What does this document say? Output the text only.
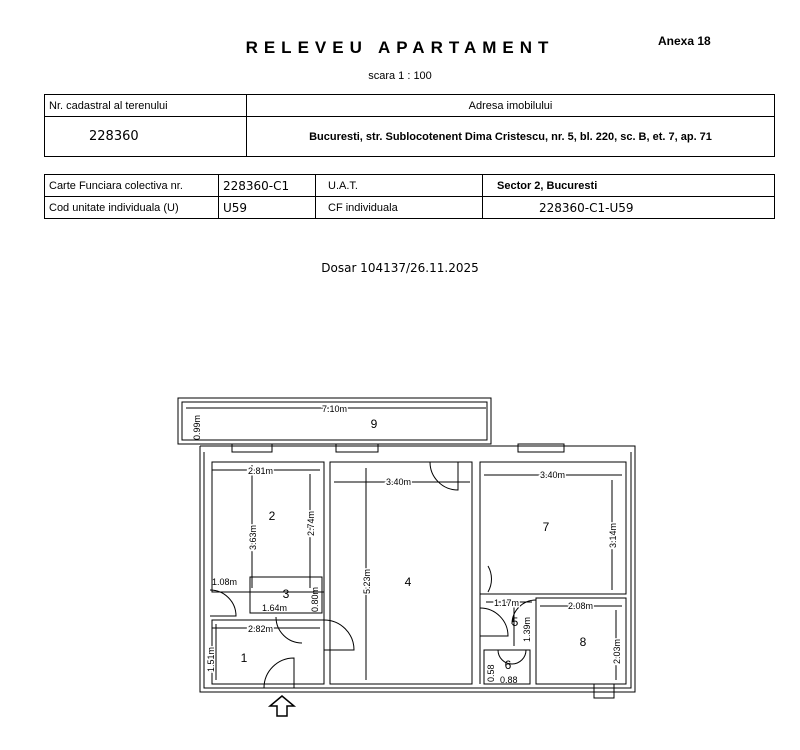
RELEVEU APARTAMENT	Anexa 18
scara 1 : 100
Nr. cadastral al terenului	Adresa imobilului
228360	Bucuresti, str. Sublocotenent Dima Cristescu, nr. 5, bl. 220, sc. B, et. 7, ap. 71
Carte Funciara colectiva nr.	228360-C1	U.A.T.	Sector 2, Bucuresti
Cod unitate individuala (U)	U59	CF individuala	228360-C1-U59
Dosar 104137/26.11.2025
9
2
3
1
4
7
5
6
8
7.10m
0.99m
2.81m
3.63m
2.74m
1.08m
1.64m	0.80m
2.82m
1.51m
3.40m
5.23m
3.40m
3.14m
1.17m
1.39m
2.08m
2.03m
0.58 0.88
